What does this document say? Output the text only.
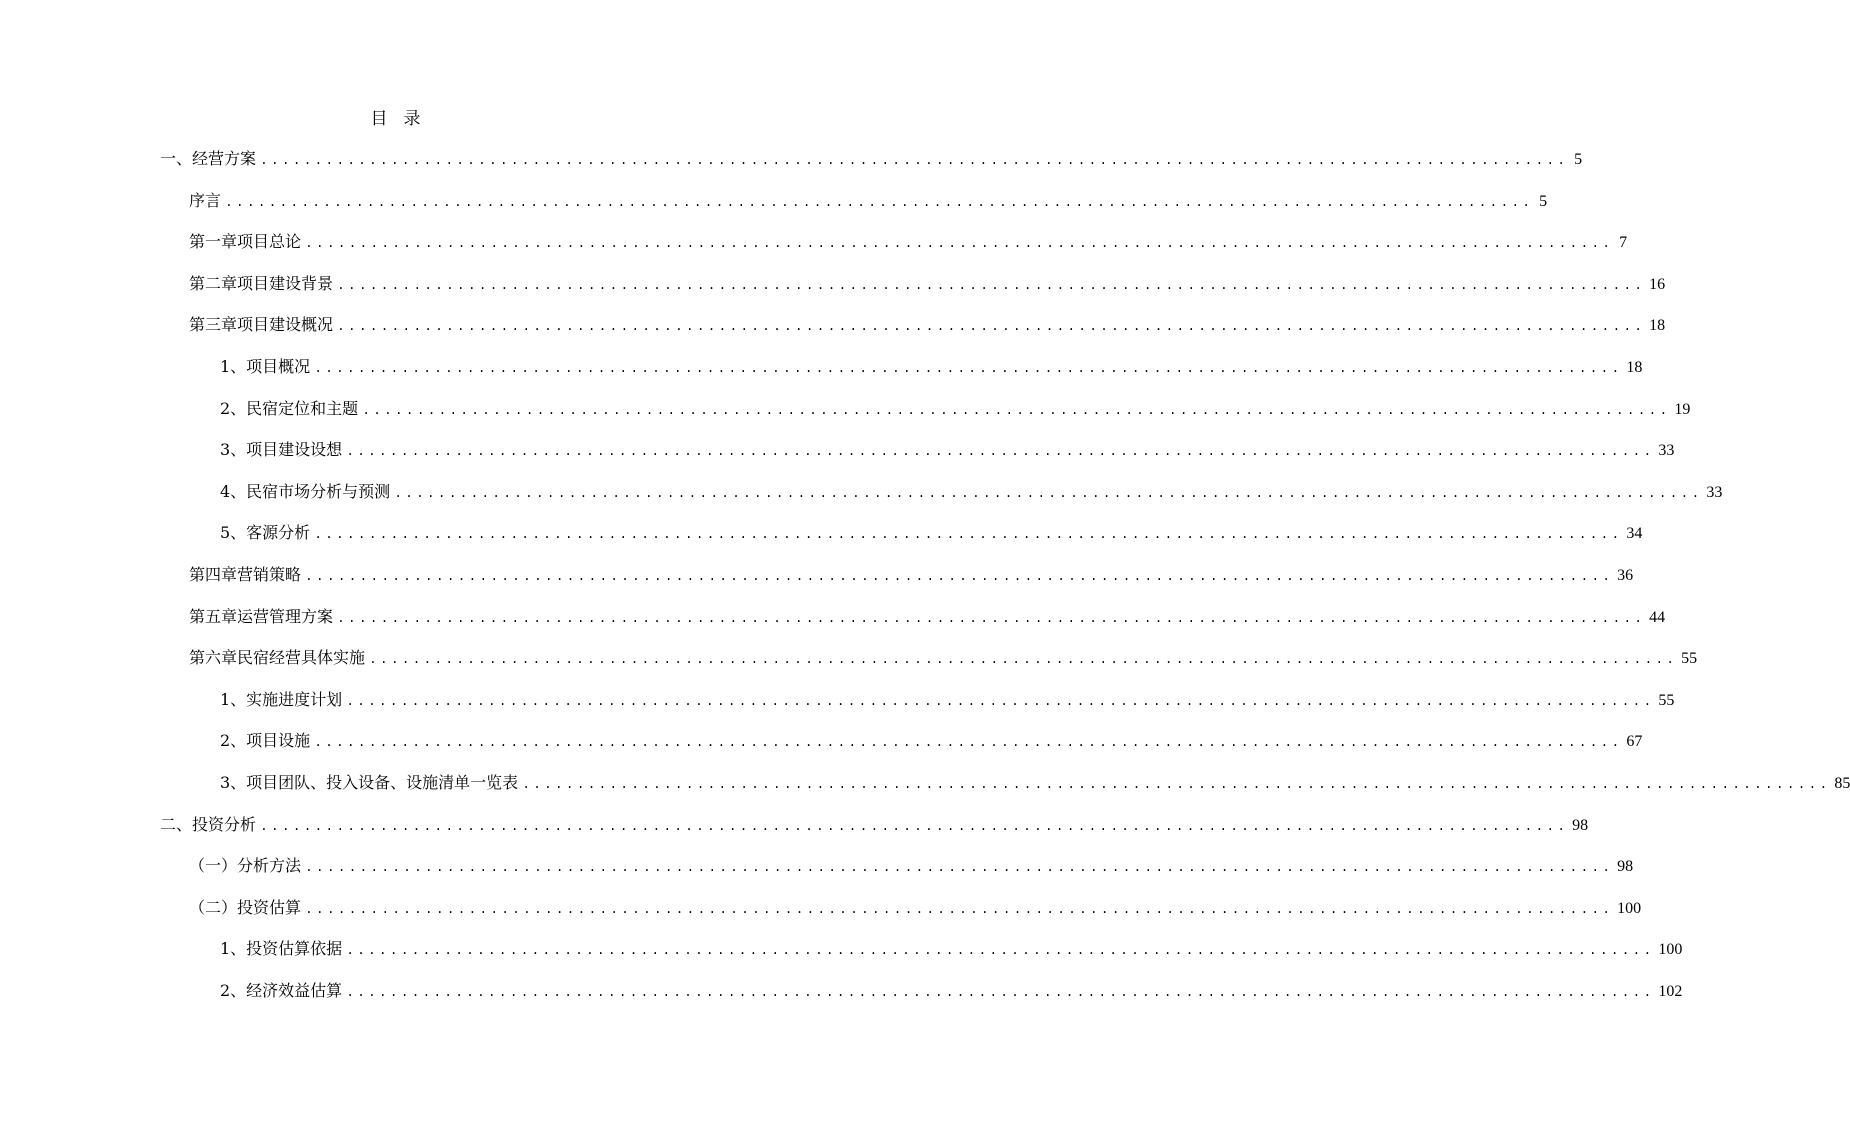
目 录
一、经营方案 ........................................................................................................................ 5
序言 ........................................................................................................................ 5
第一章项目总论 ........................................................................................................................ 7
第二章项目建设背景 ........................................................................................................................ 16
第三章项目建设概况 ........................................................................................................................ 18
1、项目概况 ........................................................................................................................ 18
2、民宿定位和主题 ........................................................................................................................ 19
3、项目建设设想 ........................................................................................................................ 33
4、民宿市场分析与预测 ........................................................................................................................ 33
5、客源分析 ........................................................................................................................ 34
第四章营销策略 ........................................................................................................................ 36
第五章运营管理方案 ........................................................................................................................ 44
第六章民宿经营具体实施 ........................................................................................................................ 55
1、实施进度计划 ........................................................................................................................ 55
2、项目设施 ........................................................................................................................ 67
3、项目团队、投入设备、设施清单一览表 ........................................................................................................................ 85
二、投资分析 ........................................................................................................................ 98
（一）分析方法 ........................................................................................................................ 98
（二）投资估算 ........................................................................................................................ 100
1、投资估算依据 ........................................................................................................................ 100
2、经济效益估算 ........................................................................................................................ 102
